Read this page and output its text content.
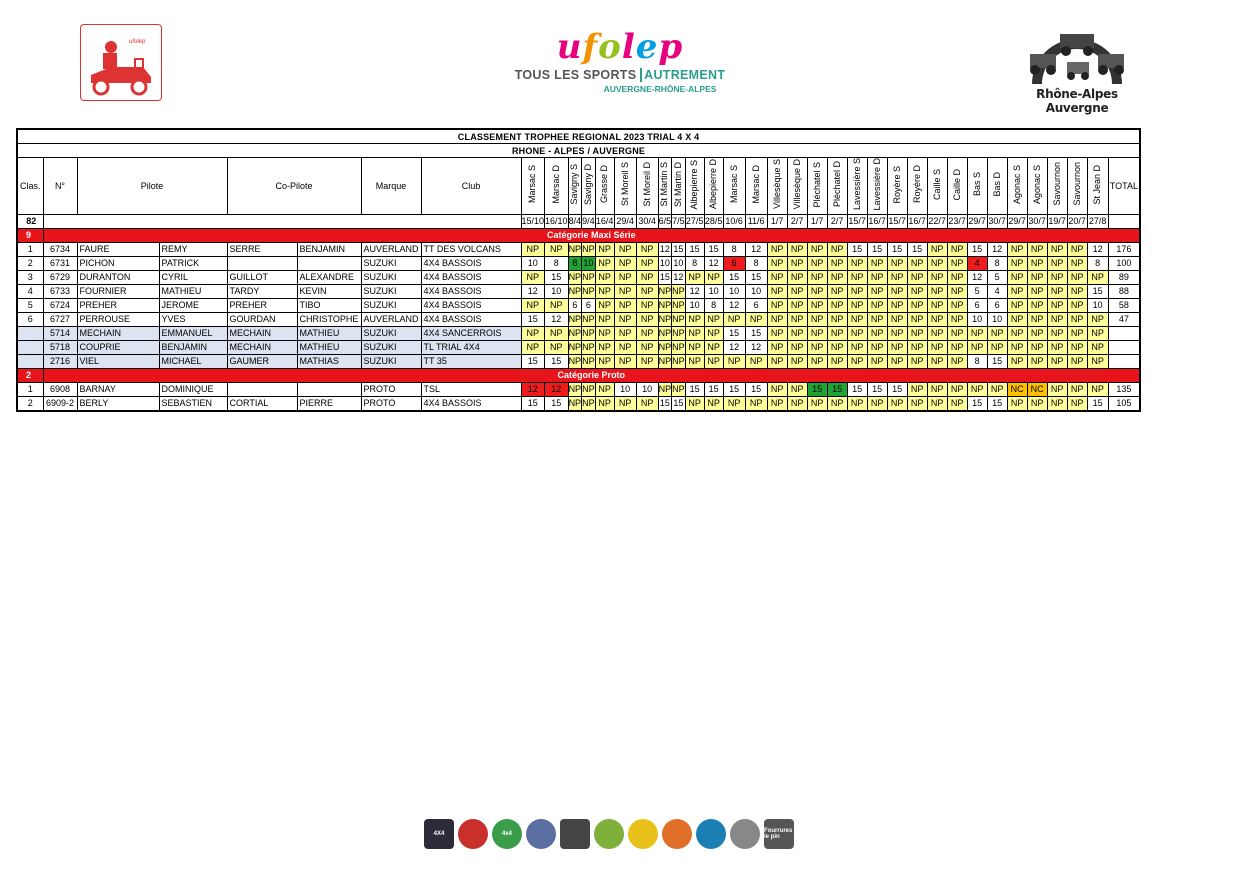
ufolep	ufolep
TOUS LES SPORTS AUTREMENT
AUVERGNE-RHÔNE-ALPES	Rhône-Alpes Auvergne
CLASSEMENT TROPHEE REGIONAL 2023 TRIAL 4 X 4																																						
RHONE - ALPES / AUVERGNE																																						
Clas.	N°	Pilote		Co-Pilote		Marque	Club	Marsac S	Marsac D	Savigny S	Savigny D	Grasse D	St Moreil S	St Moreil D	St Martin S	St Martin D	Albepierre S	Albepierre D	Marsac S	Marsac D	Villesèque S	Villesèque D	Pléchatel S	Pléchatel D	Lavessière S	Lavessière D	Royère S	Royère D	Caille S	Caille D	Bas S	Bas D	Agonac S	Agonac S	Savournon	Savournon	St Jean D	TOTAL
82								15/10	16/10	8/4	9/4	16/4	29/4	30/4	6/5	7/5	27/5	28/5	10/6	11/6	1/7	2/7	1/7	2/7	15/7	16/7	15/7	16/7	22/7	23/7	29/7	30/7	29/7	30/7	19/7	20/7	27/8	
9	Catégorie Maxi Série																																					
1	6734	FAURE	REMY	SERRE	BENJAMIN	AUVERLAND	TT DES VOLCANS	NP	NP	NP	NP	NP	NP	NP	12	15	15	15	8	12	NP	NP	NP	NP	15	15	15	15	NP	NP	15	12	NP	NP	NP	NP	12	176
2	6731	PICHON	PATRICK			SUZUKI	4X4 BASSOIS	10	8	8	10	NP	NP	NP	10	10	8	12	6	8	NP	NP	NP	NP	NP	NP	NP	NP	NP	NP	4	8	NP	NP	NP	NP	8	100
3	6729	DURANTON	CYRIL	GUILLOT	ALEXANDRE	SUZUKI	4X4 BASSOIS	NP	15	NP	NP	NP	NP	NP	15	12	NP	NP	15	15	NP	NP	NP	NP	NP	NP	NP	NP	NP	NP	12	5	NP	NP	NP	NP	NP	89
4	6733	FOURNIER	MATHIEU	TARDY	KEVIN	SUZUKI	4X4 BASSOIS	12	10	NP	NP	NP	NP	NP	NP	NP	12	10	10	10	NP	NP	NP	NP	NP	NP	NP	NP	NP	NP	5	4	NP	NP	NP	NP	15	88
5	6724	PREHER	JEROME	PREHER	TIBO	SUZUKI	4X4 BASSOIS	NP	NP	6	6	NP	NP	NP	NP	NP	10	8	12	6	NP	NP	NP	NP	NP	NP	NP	NP	NP	NP	6	6	NP	NP	NP	NP	10	58
6	6727	PERROUSE	YVES	GOURDAN	CHRISTOPHE	AUVERLAND	4X4 BASSOIS	15	12	NP	NP	NP	NP	NP	NP	NP	NP	NP	NP	NP	NP	NP	NP	NP	NP	NP	NP	NP	NP	NP	10	10	NP	NP	NP	NP	NP	47
	5714	MECHAIN	EMMANUEL	MECHAIN	MATHIEU	SUZUKI	4X4 SANCERROIS	NP	NP	NP	NP	NP	NP	NP	NP	NP	NP	NP	15	15	NP	NP	NP	NP	NP	NP	NP	NP	NP	NP	NP	NP	NP	NP	NP	NP	NP	
	5718	COUPRIE	BENJAMIN	MECHAIN	MATHIEU	SUZUKI	TL TRIAL 4X4	NP	NP	NP	NP	NP	NP	NP	NP	NP	NP	NP	12	12	NP	NP	NP	NP	NP	NP	NP	NP	NP	NP	NP	NP	NP	NP	NP	NP	NP	
	2716	VIEL	MICHAEL	GAUMER	MATHIAS	SUZUKI	TT 35	15	15	NP	NP	NP	NP	NP	NP	NP	NP	NP	NP	NP	NP	NP	NP	NP	NP	NP	NP	NP	NP	NP	8	15	NP	NP	NP	NP	NP	
2	Catégorie Proto																																					
1	6908	BARNAY	DOMINIQUE			PROTO	TSL	12	12	NP	NP	NP	10	10	NP	NP	15	15	15	15	NP	NP	15	15	15	15	15	NP	NP	NP	NP	NP	NC	NC	NP	NP	NP	135
2	6909-2	BERLY	SEBASTIEN	CORTIAL	PIERRE	PROTO	4X4 BASSOIS	15	15	NP	NP	NP	NP	NP	15	15	NP	NP	NP	NP	NP	NP	NP	NP	NP	NP	NP	NP	NP	NP	15	15	NP	NP	NP	NP	15	105
4X4	4x4	Fourrures le pin
